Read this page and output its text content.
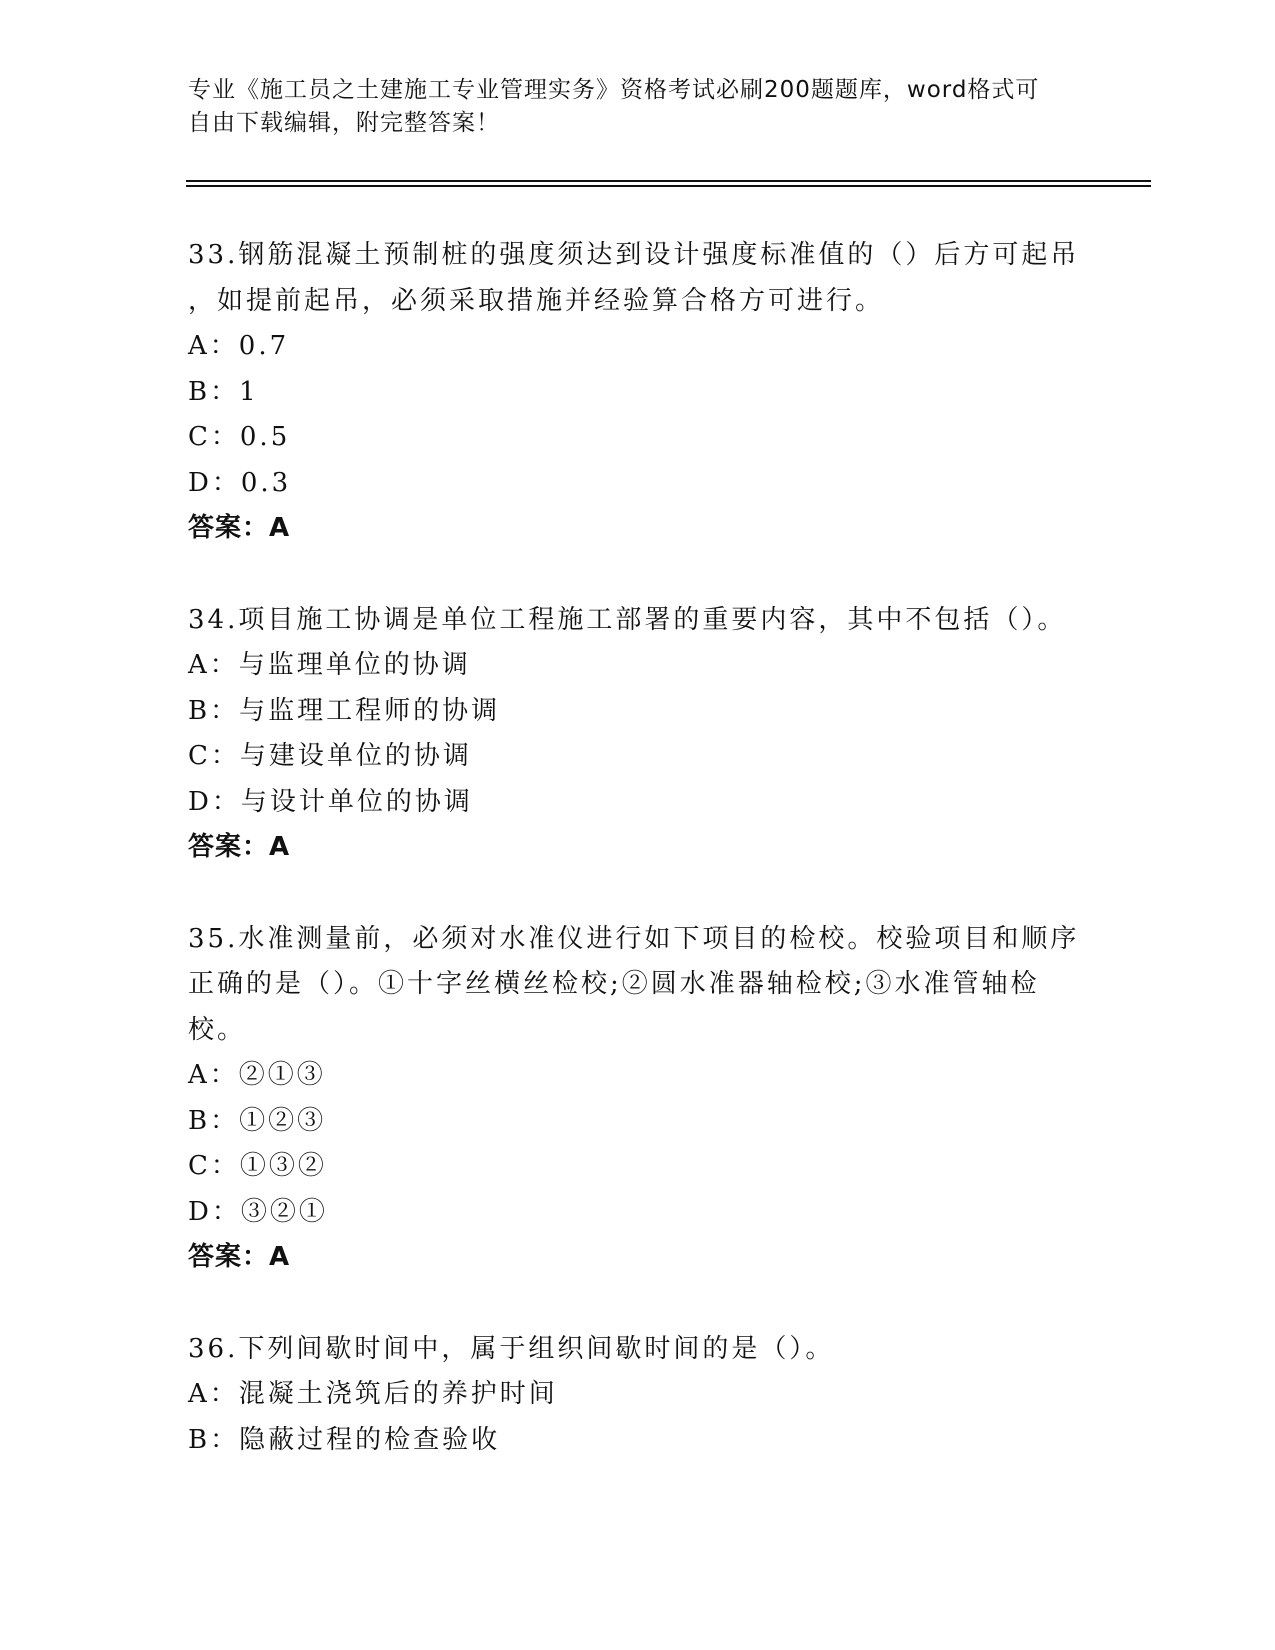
专业《施工员之土建施工专业管理实务》资格考试必刷200题题库，word格式可
自由下载编辑，附完整答案！
33.钢筋混凝土预制桩的强度须达到设计强度标准值的（）后方可起吊
，如提前起吊，必须采取措施并经验算合格方可进行。
A：0.7
B：1
C：0.5
D：0.3
答案：A
34.项目施工协调是单位工程施工部署的重要内容，其中不包括（）。
A：与监理单位的协调
B：与监理工程师的协调
C：与建设单位的协调
D：与设计单位的协调
答案：A
35.水准测量前，必须对水准仪进行如下项目的检校。校验项目和顺序
正确的是（）。①十字丝横丝检校;②圆水准器轴检校;③水准管轴检
校。
A：②①③
B：①②③
C：①③②
D：③②①
答案：A
36.下列间歇时间中，属于组织间歇时间的是（）。
A：混凝土浇筑后的养护时间
B：隐蔽过程的检查验收
